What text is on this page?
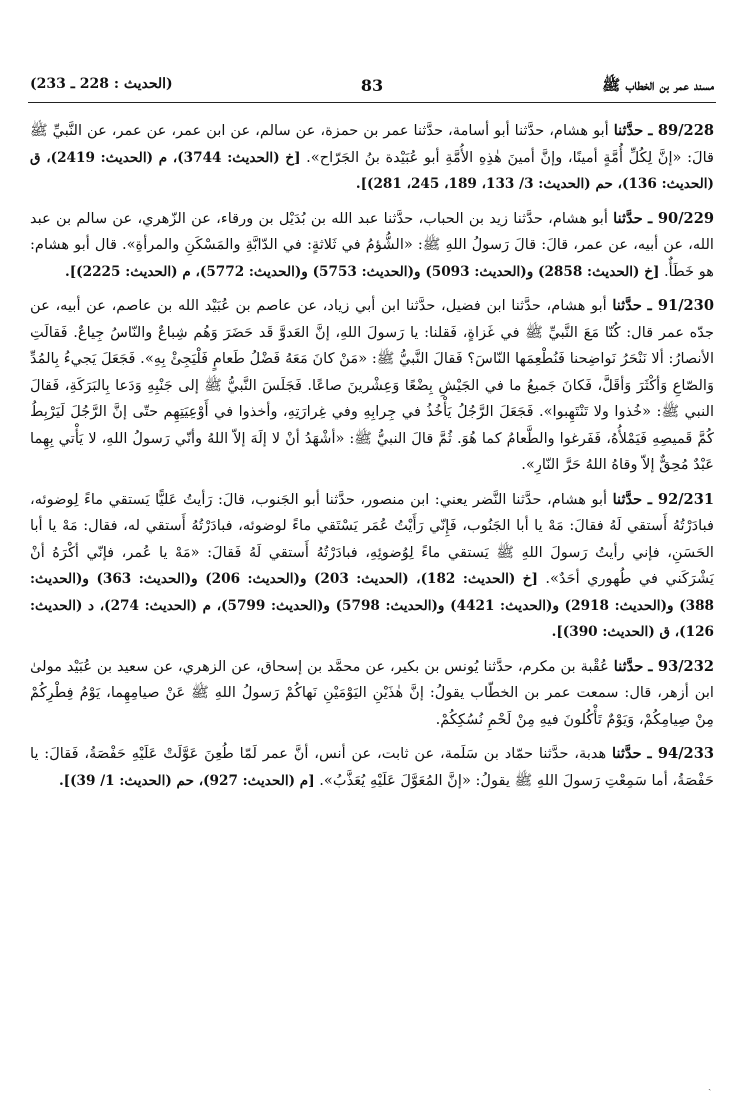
مسند عمر بن الخطاب ﷺ
83
(الحديث : 228 ـ 233)

89/228 ـ حدَّثنا أبو هشام، حدَّثنا أبو أسامة، حدَّثنا عمر بن حمزة، عن سالم، عن ابن عمر، عن عمر، عن النَّبيِّ ﷺ قالَ: «إنَّ لِكُلِّ أُمَّةٍ أمينًا، وإنَّ أمينَ هٰذِهِ الأُمَّةِ أبو عُبَيْدة بنُ الجَرّاح». [خ (الحديث: 3744)، م (الحديث: 2419)، ق (الحديث: 136)، حم (الحديث: 3/ 133، 189، 245، 281)].

90/229 ـ حدَّثنا أبو هشام، حدَّثنا زيد بن الحباب، حدَّثنا عبد الله بن بُدَيْل بن ورقاء، عن الزّهري، عن سالم بن عبد الله، عن أبيه، عن عمر، قالَ: قالَ رَسولُ اللهِ ﷺ: «الشُّؤمُ في ثَلاثةٍ: في الدّابَّةِ والمَسْكَنِ والمرأةِ». قال أبو هشام: هو خَطَأٌ. [خ (الحديث: 2858) و(الحديث: 5093) و(الحديث: 5753) و(الحديث: 5772)، م (الحديث: 2225)].

91/230 ـ حدَّثنا أبو هشام، حدَّثنا ابن فضيل، حدَّثنا ابن أبي زياد، عن عاصم بن عُبَيْد الله بن عاصم، عن أبيه، عن جدّه عمر قال: كُنّا مَعَ النَّبيِّ ﷺ في غَزاةٍ، فَقلنا: يا رَسولَ اللهِ، إنَّ العَدوَّ قَد حَضَرَ وَهُم شِباعٌ والنّاسُ جِياعٌ. فَقالَتِ الأنصارُ: ألا نَنْحَرُ نَواضِحنا فَنُطْعِمَها النّاسَ؟ فَقالَ النَّبيُّ ﷺ: «مَنْ كانَ مَعَهُ فَضْلُ طَعامٍ فَلْيَجِئْ بِهِ». فَجَعَلَ يَجيءُ بِالمُدِّ وَالصّاعِ وَأكْثَرَ وَأقَلَّ، فَكانَ جَميعُ ما في الجَيْشِ بِضْعًا وَعِشْرينَ صاعًا. فَجَلَسَ النَّبيُّ ﷺ إلى جَنْبِهِ وَدَعا بِالبَرَكَةِ، فَقالَ النبي ﷺ: «خُذوا ولا تَنْتَهِبوا». فَجَعَلَ الرَّجُلُ يَأْخُذُ في جِرابِهِ وفي غِرارَتِهِ، وأخذوا في أَوْعِيَتِهِم حتّى إنَّ الرَّجُلَ لَيَرْبِطُ كُمَّ قَميصِهِ فَيَمْلأُهُ، فَفَرغوا والطَّعامُ كما هُوَ. ثُمَّ قالَ النبيُّ ﷺ: «أشْهَدُ أنْ لا إلَهَ إلاّ اللهُ وأنّي رَسولُ اللهِ، لا يَأْتي بِهِما عَبْدٌ مُحِقٌّ إلاّ وقاهُ اللهُ حَرَّ النّارِ».

92/231 ـ حدَّثنا أبو هشام، حدَّثنا النَّضر يعني: ابن منصور، حدَّثنا أبو الجَنوب، قالَ: رَأيتُ عَليًّا يَستقي ماءً لِوضوئه، فبادَرْتُهُ أَستقي لَهُ فقالَ: مَهْ يا أبا الجَنُوب، فَإِنّي رَأَيْتُ عُمَر يَسْتَقي ماءً لوضوئه، فبادَرْتُهُ أَستقي له، فقال: مَهْ يا أبا الحَسَنِ، فإني رأيتُ رَسولَ اللهِ ﷺ يَستقي ماءً لِوُضوئِهِ، فبادَرْتُهُ أَستقي لَهُ فَقالَ: «مَهْ يا عُمر، فإنّي أكْرَهُ أنْ يَشْرَكَني في طُهوري أحَدٌ». [خ (الحديث: 182)، (الحديث: 203) و(الحديث: 206) و(الحديث: 363) و(الحديث: 388) و(الحديث: 2918) و(الحديث: 4421) و(الحديث: 5798) و(الحديث: 5799)، م (الحديث: 274)، د (الحديث: 126)، ق (الحديث: 390)].

93/232 ـ حدَّثنا عُقْبة بن مكرم، حدَّثنا يُونس بن بكير، عن محمَّد بن إسحاق، عن الزهري، عن سعيد بن عُبَيْد مولىٰ ابن أزهر، قال: سمعت عمر بن الخطّاب يقولُ: إنَّ هٰذَيْنِ اليَوْمَيْنِ نَهاكُمْ رَسولُ اللهِ ﷺ عَنْ صيامِهِما، يَوْمُ فِطْرِكُمْ مِنْ صِيامِكُمْ، وَيَوْمٌ تَأْكُلونَ فيهِ مِنْ لَحْمِ نُسُكِكُمْ.

94/233 ـ حدَّثنا هدبة، حدَّثنا حمّاد بن سَلَمة، عن ثابت، عن أنس، أنَّ عمر لَمّا طُعِنَ عَوَّلَتْ عَلَيْهِ حَفْصَةُ، فَقالَ: يا حَفْصَةُ، أما سَمِعْتِ رَسولَ اللهِ ﷺ يقولُ: «إنَّ المُعَوَّلَ عَلَيْهِ يُعَذَّبُ». [م (الحديث: 927)، حم (الحديث: 1/ 39)].

ˎ
